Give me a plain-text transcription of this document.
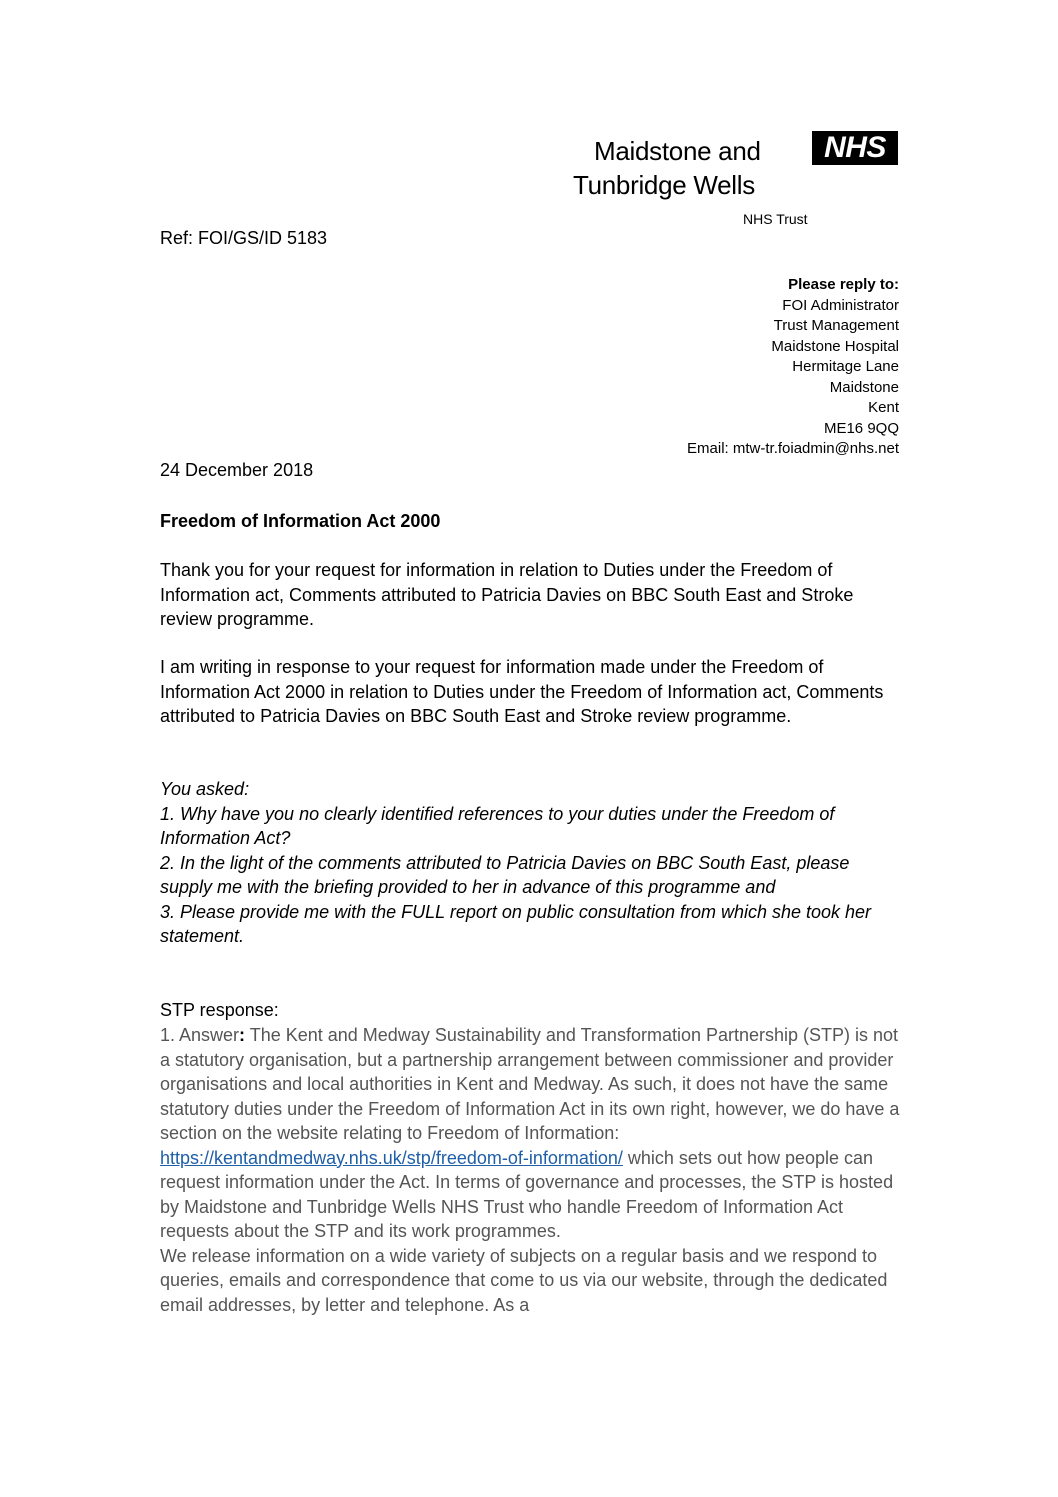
Maidstone and	NHS
Tunbridge Wells
NHS Trust
Ref: FOI/GS/ID 5183
Please reply to:
FOI Administrator
Trust Management
Maidstone Hospital
Hermitage Lane
Maidstone
Kent
ME16 9QQ
Email: mtw-tr.foiadmin@nhs.net
24 December 2018
Freedom of Information Act 2000
Thank you for your request for information in relation to Duties under the Freedom of Information act, Comments attributed to Patricia Davies on BBC South East and Stroke review programme.
I am writing in response to your request for information made under the Freedom of Information Act 2000 in relation to Duties under the Freedom of Information act, Comments attributed to Patricia Davies on BBC South East and Stroke review programme.
You asked:
1. Why have you no clearly identified references to your duties under the Freedom of Information Act?
2. In the light of the comments attributed to Patricia Davies on BBC South East, please supply me with the briefing provided to her in advance of this programme and
3. Please provide me with the FULL report on public consultation from which she took her statement.
STP response:
1. Answer: The Kent and Medway Sustainability and Transformation Partnership (STP) is not a statutory organisation, but a partnership arrangement between commissioner and provider organisations and local authorities in Kent and Medway. As such, it does not have the same statutory duties under the Freedom of Information Act in its own right, however, we do have a section on the website relating to Freedom of Information: https://kentandmedway.nhs.uk/stp/freedom-of-information/ which sets out how people can request information under the Act. In terms of governance and processes, the STP is hosted by Maidstone and Tunbridge Wells NHS Trust who handle Freedom of Information Act requests about the STP and its work programmes.
We release information on a wide variety of subjects on a regular basis and we respond to queries, emails and correspondence that come to us via our website, through the dedicated email addresses, by letter and telephone. As a
